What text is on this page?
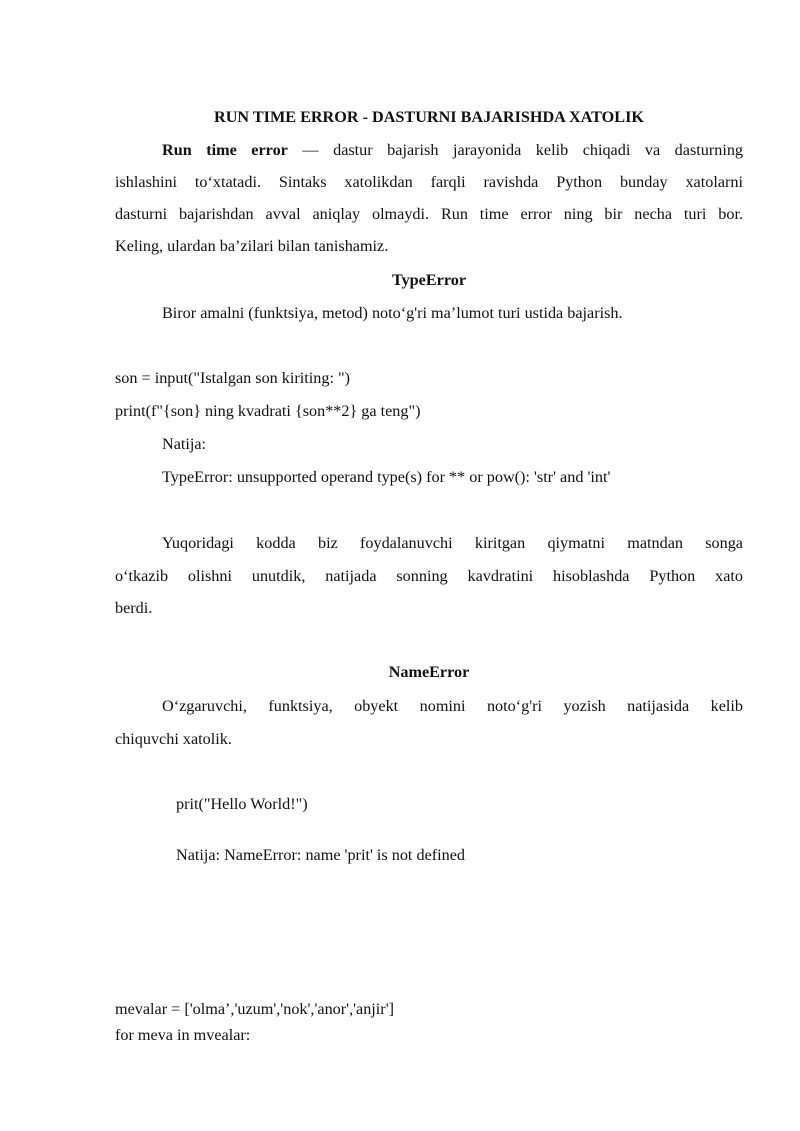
RUN TIME ERROR - DASTURNI BAJARISHDA XATOLIK

Run time error — dastur bajarish jarayonida kelib chiqadi va dasturning

ishlashini to‘xtatadi. Sintaks xatolikdan farqli ravishda Python bunday xatolarni

dasturni bajarishdan avval aniqlay olmaydi. Run time error ning bir necha turi bor.

Keling, ulardan ba’zilari bilan tanishamiz.

TypeError

Biror amalni (funktsiya, metod) noto‘g'ri ma’lumot turi ustida bajarish.

son = input("Istalgan son kiriting: ")

print(f"{son} ning kvadrati {son**2} ga teng")

Natija:

TypeError: unsupported operand type(s) for ** or pow(): 'str' and 'int'

Yuqoridagi kodda biz foydalanuvchi kiritgan qiymatni matndan songa

o‘tkazib olishni unutdik, natijada sonning kavdratini hisoblashda Python xato

berdi.

NameError

O‘zgaruvchi, funktsiya, obyekt nomini noto‘g'ri yozish natijasida kelib

chiquvchi xatolik.

prit("Hello World!")

Natija: NameError: name 'prit' is not defined

mevalar = ['olma’,'uzum','nok','anor','anjir']

for meva in mvealar:
